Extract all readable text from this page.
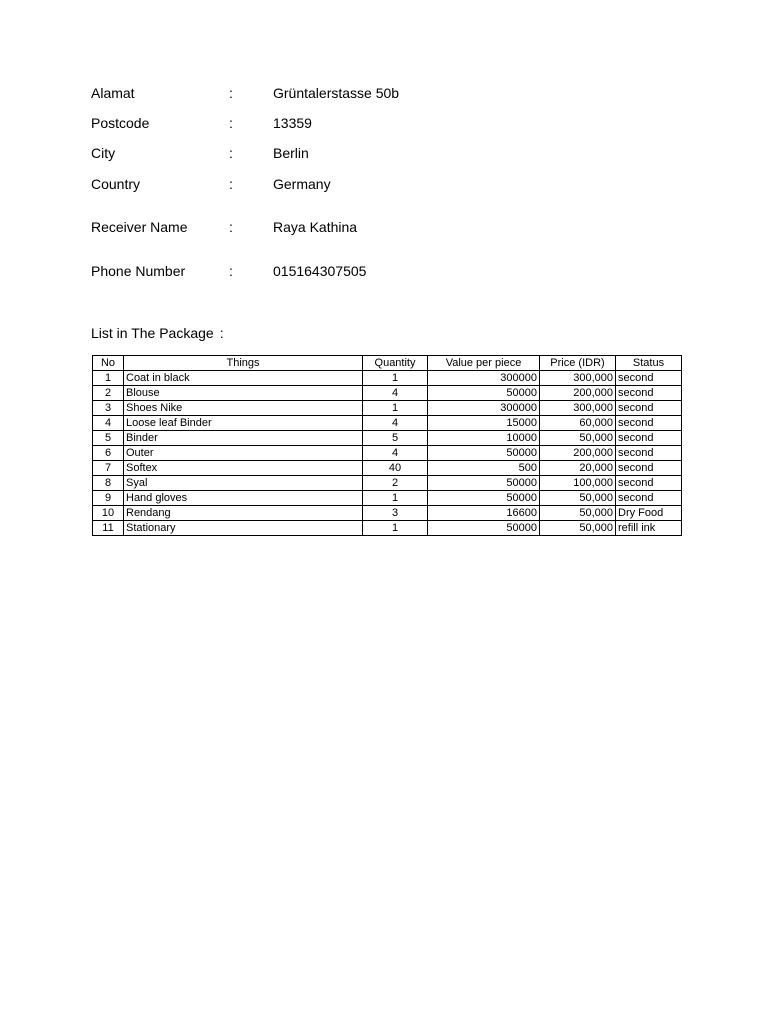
Alamat	:	Grüntalerstasse 50b
Postcode	:	13359
City	:	Berlin
Country	:	Germany
Receiver Name	:	Raya Kathina
Phone Number	:	015164307505
List in The Package :
No	Things	Quantity	Value per piece	Price (IDR)	Status
1	Coat in black	1	300000	300,000	second
2	Blouse	4	50000	200,000	second
3	Shoes Nike	1	300000	300,000	second
4	Loose leaf Binder	4	15000	60,000	second
5	Binder	5	10000	50,000	second
6	Outer	4	50000	200,000	second
7	Softex	40	500	20,000	second
8	Syal	2	50000	100,000	second
9	Hand gloves	1	50000	50,000	second
10	Rendang	3	16600	50,000	Dry Food
11	Stationary	1	50000	50,000	refill ink
